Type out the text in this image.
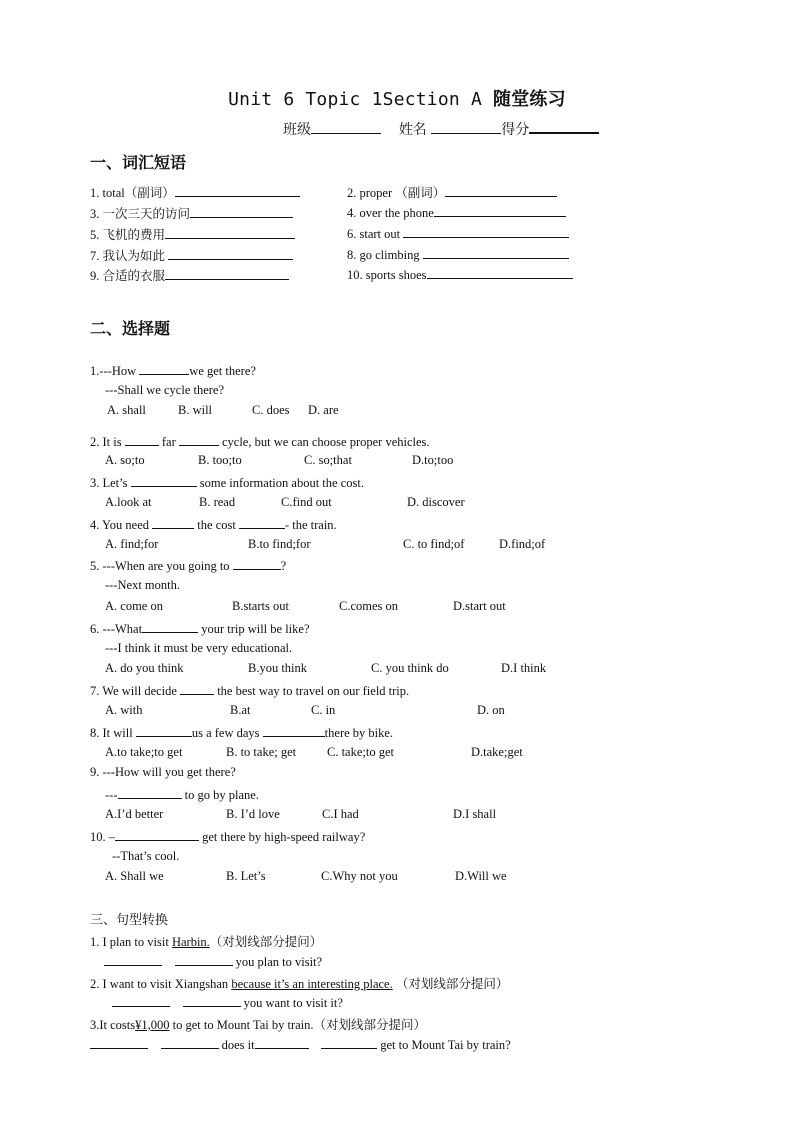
Unit 6 Topic 1Section A 随堂练习
班级	姓名	得分
一、词汇短语
1. total（副词）	2. proper （副词）
3. 一次三天的访问	4. over the phone
5. 飞机的费用	6. start out
7. 我认为如此	8. go climbing
9. 合适的衣服	10. sports shoes
二、选择题
1.---How	we get there?
---Shall we cycle there?
A. shall	B. will	C. does D. are
2. It is	far	cycle, but we can choose proper vehicles.
A. so;to	B. too;to	C. so;that	D.to;too
3. Let’s	some information about the cost.
A.look at	B. read	C.find out	D. discover
4. You need	the cost	- the train.
A. find;for	B.to find;for	C. to find;of	D.find;of
5. ---When are you going to	?
---Next month.
A. come on	B.starts out	C.comes on	D.start out
6. ---What	your trip will be like?
---I think it must be very educational.
A. do you think	B.you think	C. you think do	D.I think
7. We will decide	the best way to travel on our field trip.
A. with	B.at	C. in	D. on
8. It will	us a few days	there by bike.
A.to take;to get	B. to take; get C. take;to get	D.take;get
9. ---How will you get there?
---	to go by plane.
A.I’d better	B. I’d love	C.I had	D.I shall
10. –	get there by high-speed railway?
--That’s cool.
A. Shall we	B. Let’s	C.Why not you	D.Will we
三、句型转换
1. I plan to visit Harbin.（对划线部分提问）
you plan to visit?
2. I want to visit Xiangshan because it’s an interesting place. （对划线部分提问）
you want to visit it?
3.It costs¥1,000 to get to Mount Tai by train.（对划线部分提问）
does it	get to Mount Tai by train?
